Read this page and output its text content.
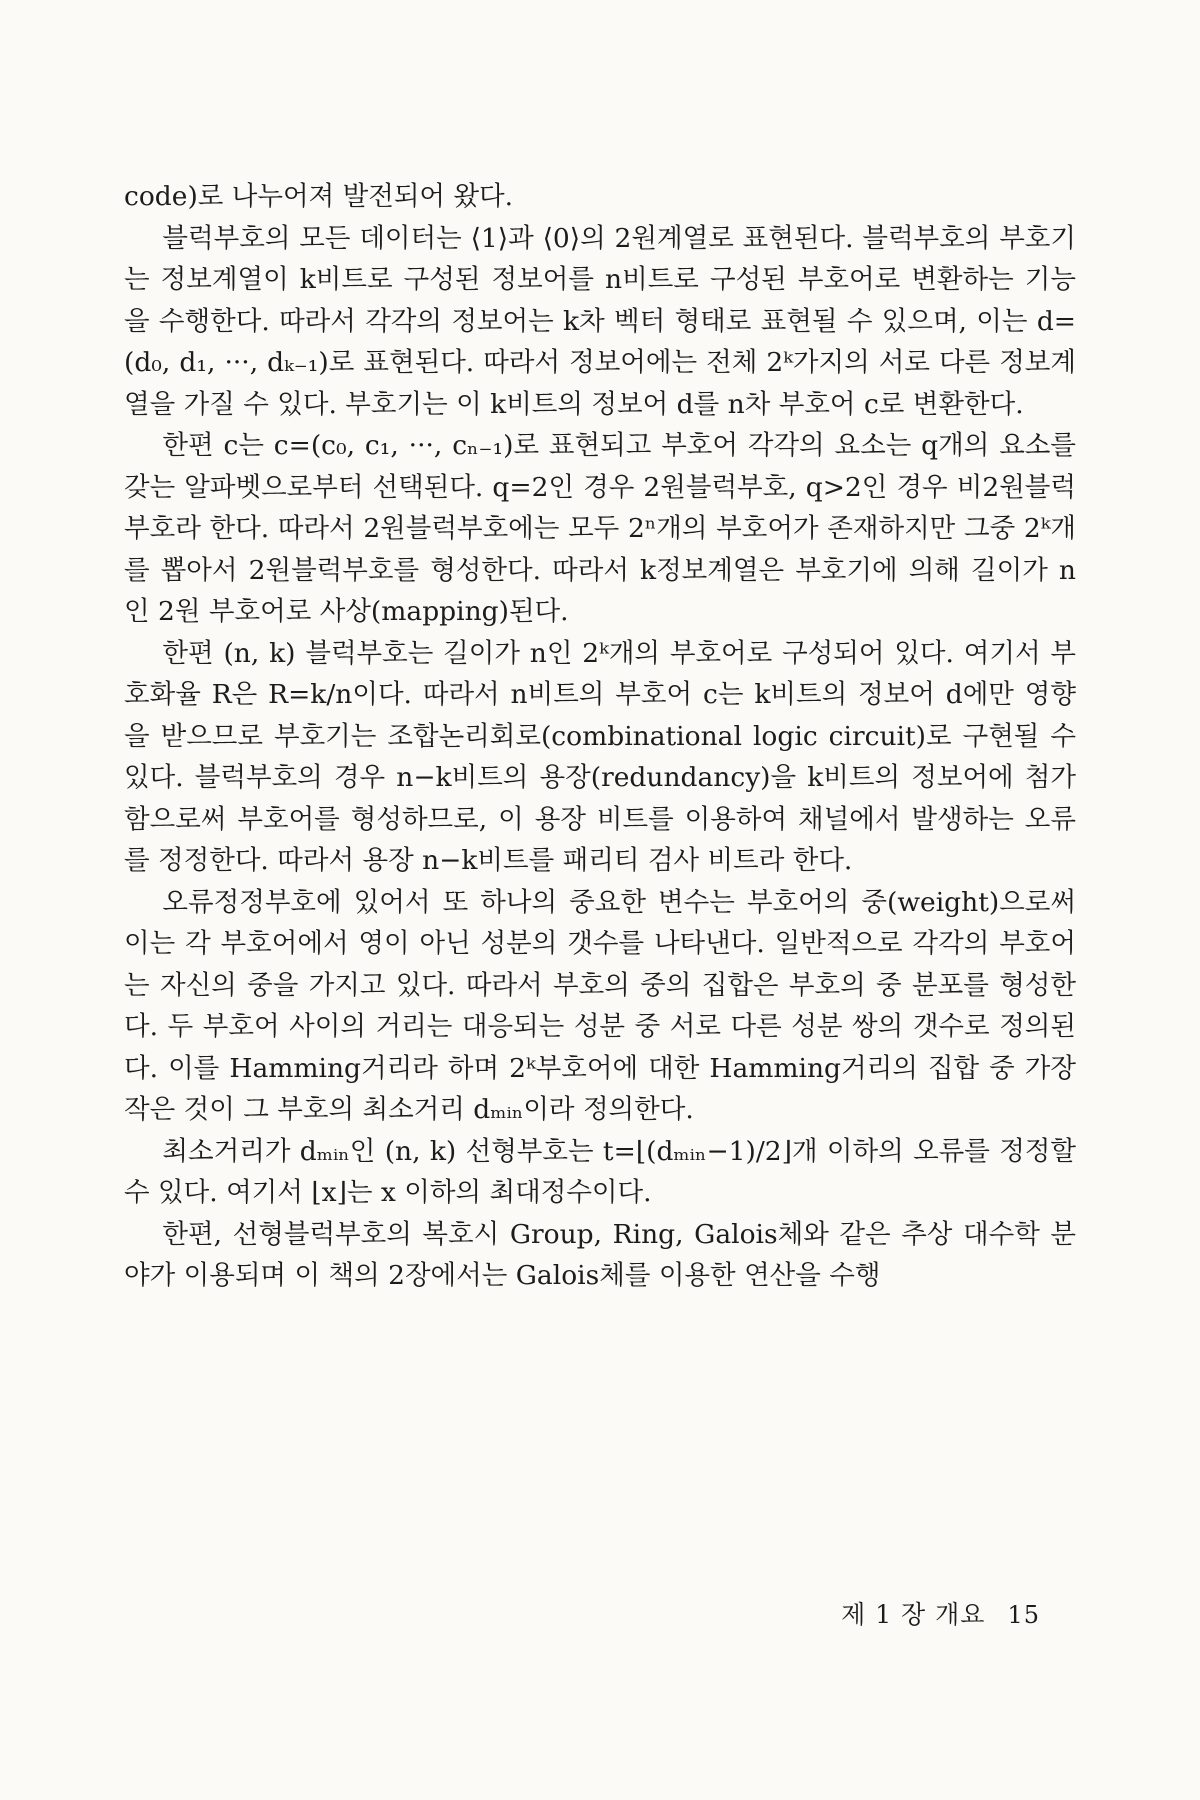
code)로 나누어져 발전되어 왔다.

블럭부호의 모든 데이터는 ⟨1⟩과 ⟨0⟩의 2원계열로 표현된다. 블럭부호의 부호기는 정보계열이 k비트로 구성된 정보어를 n비트로 구성된 부호어로 변환하는 기능을 수행한다. 따라서 각각의 정보어는 k차 벡터 형태로 표현될 수 있으며, 이는 d=(d₀, d₁, ···, dₖ₋₁)로 표현된다. 따라서 정보어에는 전체 2ᵏ가지의 서로 다른 정보계열을 가질 수 있다. 부호기는 이 k비트의 정보어 d를 n차 부호어 c로 변환한다.

한편 c는 c=(c₀, c₁, ···, cₙ₋₁)로 표현되고 부호어 각각의 요소는 q개의 요소를 갖는 알파벳으로부터 선택된다. q=2인 경우 2원블럭부호, q>2인 경우 비2원블럭부호라 한다. 따라서 2원블럭부호에는 모두 2ⁿ개의 부호어가 존재하지만 그중 2ᵏ개를 뽑아서 2원블럭부호를 형성한다. 따라서 k정보계열은 부호기에 의해 길이가 n인 2원 부호어로 사상(mapping)된다.

한편 (n, k) 블럭부호는 길이가 n인 2ᵏ개의 부호어로 구성되어 있다. 여기서 부호화율 R은 R=k/n이다. 따라서 n비트의 부호어 c는 k비트의 정보어 d에만 영향을 받으므로 부호기는 조합논리회로(combinational logic circuit)로 구현될 수 있다. 블럭부호의 경우 n−k비트의 용장(redundancy)을 k비트의 정보어에 첨가함으로써 부호어를 형성하므로, 이 용장 비트를 이용하여 채널에서 발생하는 오류를 정정한다. 따라서 용장 n−k비트를 패리티 검사 비트라 한다.

오류정정부호에 있어서 또 하나의 중요한 변수는 부호어의 중(weight)으로써 이는 각 부호어에서 영이 아닌 성분의 갯수를 나타낸다. 일반적으로 각각의 부호어는 자신의 중을 가지고 있다. 따라서 부호의 중의 집합은 부호의 중 분포를 형성한다. 두 부호어 사이의 거리는 대응되는 성분 중 서로 다른 성분 쌍의 갯수로 정의된다. 이를 Hamming거리라 하며 2ᵏ부호어에 대한 Hamming거리의 집합 중 가장 작은 것이 그 부호의 최소거리 dₘᵢₙ이라 정의한다.

최소거리가 dₘᵢₙ인 (n, k) 선형부호는 t=⌊(dₘᵢₙ−1)/2⌋개 이하의 오류를 정정할 수 있다. 여기서 ⌊x⌋는 x 이하의 최대정수이다.

한편, 선형블럭부호의 복호시 Group, Ring, Galois체와 같은 추상 대수학 분야가 이용되며 이 책의 2장에서는 Galois체를 이용한 연산을 수행

제 1 장 개요 15
